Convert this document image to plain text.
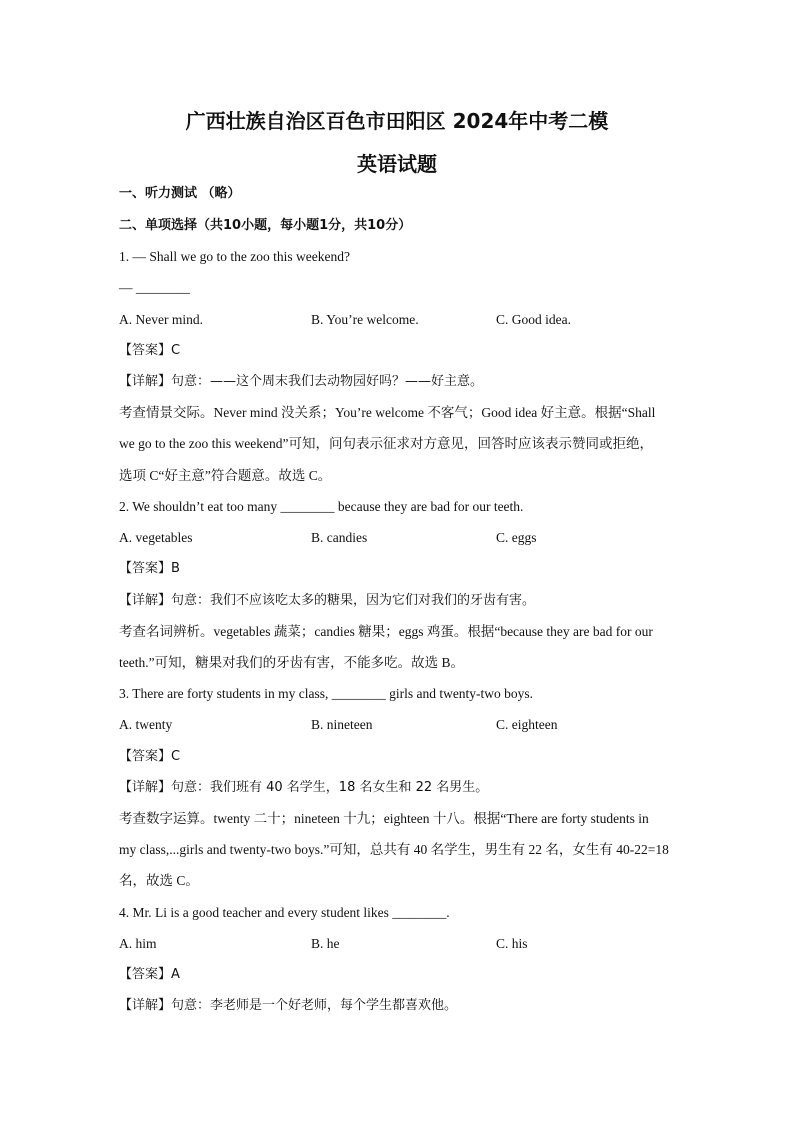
广西壮族自治区百色市田阳区 2024年中考二模
英语试题
一、听力测试 （略）
二、单项选择（共10小题，每小题1分，共10分）
1. — Shall we go to the zoo this weekend?
— ________
A. Never mind.	B. You’re welcome.	C. Good idea.
【答案】C
【详解】句意：——这个周末我们去动物园好吗？——好主意。
考查情景交际。Never mind 没关系；You’re welcome 不客气；Good idea 好主意。根据“Shall
we go to the zoo this weekend”可知，问句表示征求对方意见，回答时应该表示赞同或拒绝，
选项 C“好主意”符合题意。故选 C。
2. We shouldn’t eat too many ________ because they are bad for our teeth.
A. vegetables	B. candies	C. eggs
【答案】B
【详解】句意：我们不应该吃太多的糖果，因为它们对我们的牙齿有害。
考查名词辨析。vegetables 蔬菜；candies 糖果；eggs 鸡蛋。根据“because they are bad for our
teeth.”可知，糖果对我们的牙齿有害，不能多吃。故选 B。
3. There are forty students in my class, ________ girls and twenty-two boys.
A. twenty	B. nineteen	C. eighteen
【答案】C
【详解】句意：我们班有 40 名学生，18 名女生和 22 名男生。
考查数字运算。twenty 二十；nineteen 十九；eighteen 十八。根据“There are forty students in
my class,...girls and twenty-two boys.”可知，总共有 40 名学生，男生有 22 名，女生有 40-22=18
名，故选 C。
4. Mr. Li is a good teacher and every student likes ________.
A. him	B. he	C. his
【答案】A
【详解】句意：李老师是一个好老师，每个学生都喜欢他。
